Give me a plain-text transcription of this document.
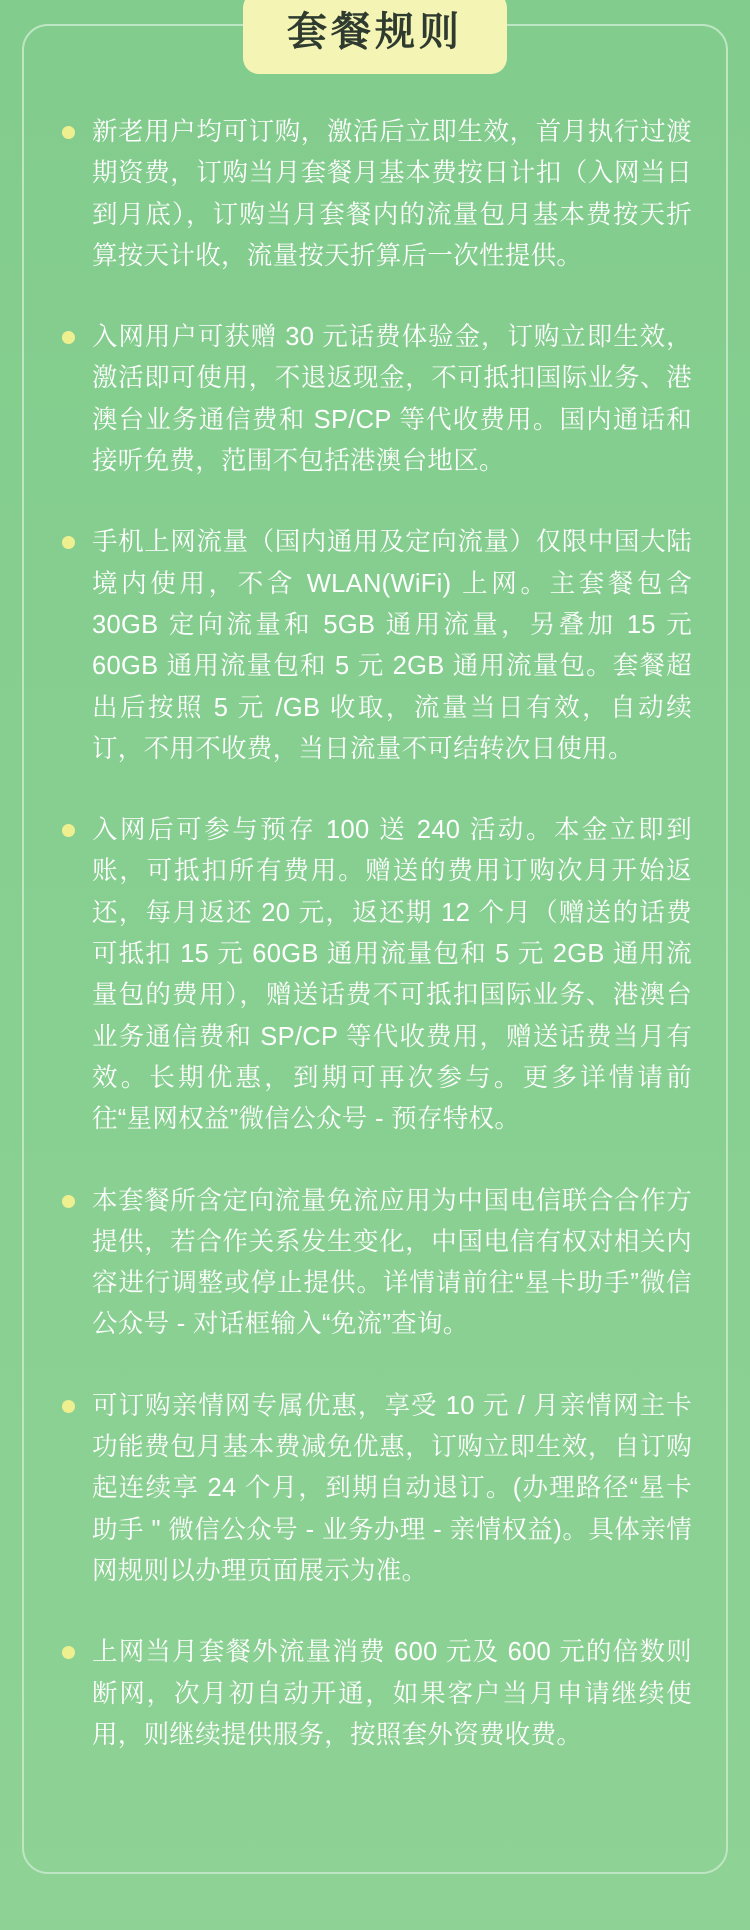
套餐规则
新老用户均可订购，激活后立即生效，首月执行过渡期资费，订购当月套餐月基本费按日计扣（入网当日到月底），订购当月套餐内的流量包月基本费按天折算按天计收，流量按天折算后一次性提供。
入网用户可获赠 30 元话费体验金，订购立即生效，激活即可使用，不退返现金，不可抵扣国际业务、港澳台业务通信费和 SP/CP 等代收费用。国内通话和接听免费，范围不包括港澳台地区。
手机上网流量（国内通用及定向流量）仅限中国大陆境内使用，不含 WLAN(WiFi) 上网。主套餐包含 30GB 定向流量和 5GB 通用流量，另叠加 15 元 60GB 通用流量包和 5 元 2GB 通用流量包。套餐超出后按照 5 元 /GB 收取，流量当日有效，自动续订，不用不收费，当日流量不可结转次日使用。
入网后可参与预存 100 送 240 活动。本金立即到账，可抵扣所有费用。赠送的费用订购次月开始返还，每月返还 20 元，返还期 12 个月（赠送的话费可抵扣 15 元 60GB 通用流量包和 5 元 2GB 通用流量包的费用），赠送话费不可抵扣国际业务、港澳台业务通信费和 SP/CP 等代收费用，赠送话费当月有效。长期优惠，到期可再次参与。更多详情请前往“星网权益”微信公众号 - 预存特权。
本套餐所含定向流量免流应用为中国电信联合合作方提供，若合作关系发生变化，中国电信有权对相关内容进行调整或停止提供。详情请前往“星卡助手”微信公众号 - 对话框输入“免流”查询。
可订购亲情网专属优惠，享受 10 元 / 月亲情网主卡功能费包月基本费减免优惠，订购立即生效，自订购起连续享 24 个月，到期自动退订。(办理路径“星卡助手 " 微信公众号 - 业务办理 - 亲情权益)。具体亲情网规则以办理页面展示为准。
上网当月套餐外流量消费 600 元及 600 元的倍数则断网，次月初自动开通，如果客户当月申请继续使用，则继续提供服务，按照套外资费收费。
